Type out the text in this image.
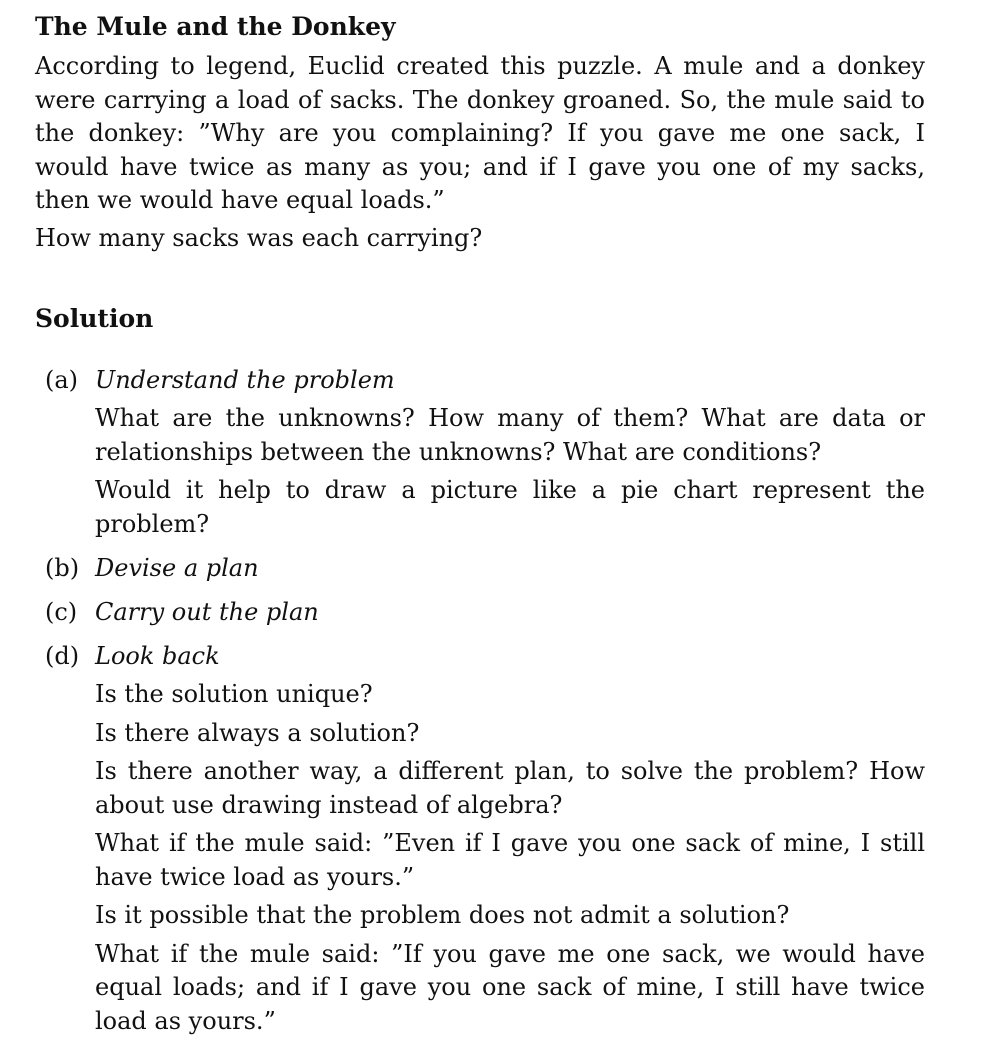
The Mule and the Donkey

According to legend, Euclid created this puzzle. A mule and a donkey were carrying a load of sacks. The donkey groaned. So, the mule said to the donkey: ”Why are you complaining? If you gave me one sack, I would have twice as many as you; and if I gave you one of my sacks, then we would have equal loads.”

How many sacks was each carrying?

Solution
(a) Understand the problem

What are the unknowns? How many of them? What are data or relationships between the unknowns? What are conditions?

Would it help to draw a picture like a pie chart represent the problem?

(b) Devise a plan
(c) Carry out the plan
(d) Look back

Is the solution unique?

Is there always a solution?

Is there another way, a different plan, to solve the problem? How about use drawing instead of algebra?

What if the mule said: ”Even if I gave you one sack of mine, I still have twice load as yours.”

Is it possible that the problem does not admit a solution?

What if the mule said: ”If you gave me one sack, we would have equal loads; and if I gave you one sack of mine, I still have twice load as yours.”
